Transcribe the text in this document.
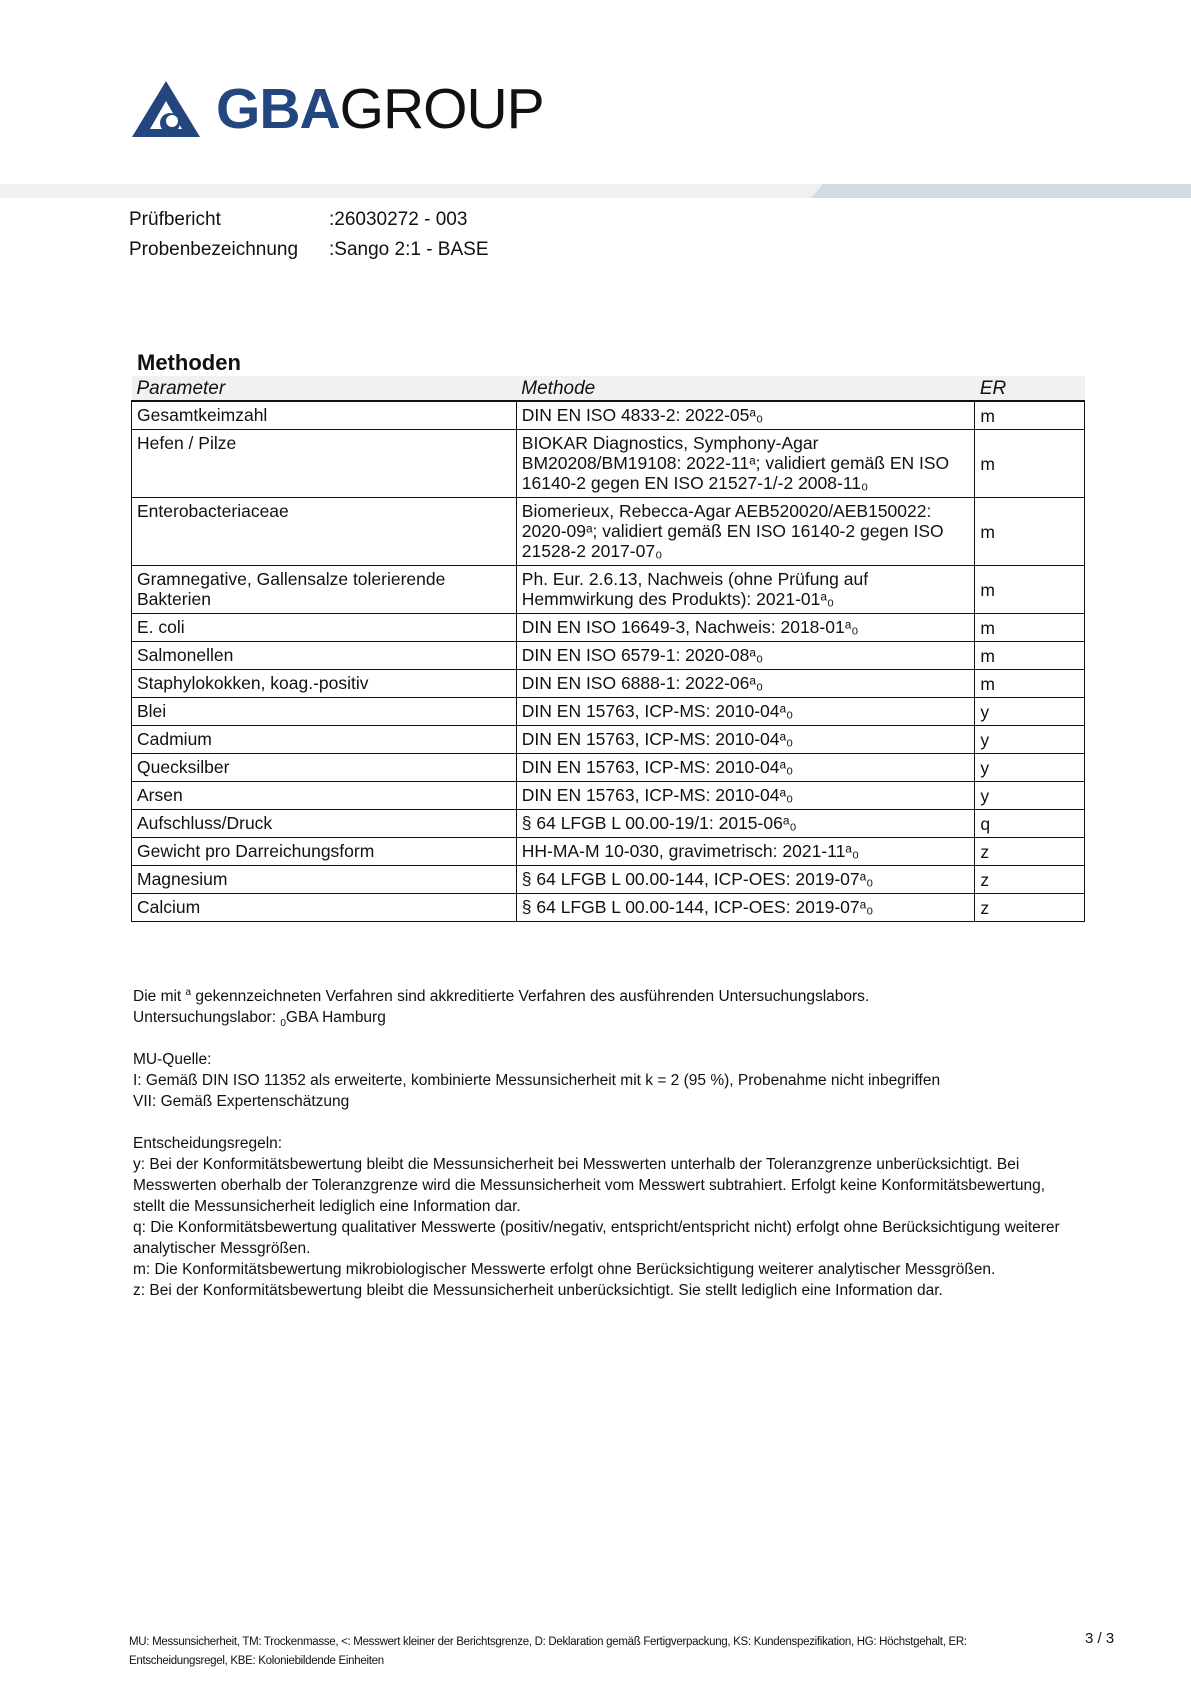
GBAGROUP
Prüfbericht	:26030272 - 003
Probenbezeichnung :Sango 2:1 - BASE
Methoden
Parameter	Methode	ER
Gesamtkeimzahl	DIN EN ISO 4833-2: 2022-05ᵃ₀	m
Hefen / Pilze	BIOKAR Diagnostics, Symphony-Agar BM20208/BM19108: 2022-11ᵃ; validiert gemäß EN ISO 16140-2 gegen EN ISO 21527-1/-2 2008-11₀	m
Enterobacteriaceae	Biomerieux, Rebecca-Agar AEB520020/AEB150022: 2020-09ᵃ; validiert gemäß EN ISO 16140-2 gegen ISO 21528-2 2017-07₀	m
Gramnegative, Gallensalze tolerierende Bakterien	Ph. Eur. 2.6.13, Nachweis (ohne Prüfung auf Hemmwirkung des Produkts): 2021-01ᵃ₀	m
E. coli	DIN EN ISO 16649-3, Nachweis: 2018-01ᵃ₀	m
Salmonellen	DIN EN ISO 6579-1: 2020-08ᵃ₀	m
Staphylokokken, koag.-positiv	DIN EN ISO 6888-1: 2022-06ᵃ₀	m
Blei	DIN EN 15763, ICP-MS: 2010-04ᵃ₀	y
Cadmium	DIN EN 15763, ICP-MS: 2010-04ᵃ₀	y
Quecksilber	DIN EN 15763, ICP-MS: 2010-04ᵃ₀	y
Arsen	DIN EN 15763, ICP-MS: 2010-04ᵃ₀	y
Aufschluss/Druck	§ 64 LFGB L 00.00-19/1: 2015-06ᵃ₀	q
Gewicht pro Darreichungsform	HH-MA-M 10-030, gravimetrisch: 2021-11ᵃ₀	z
Magnesium	§ 64 LFGB L 00.00-144, ICP-OES: 2019-07ᵃ₀	z
Calcium	§ 64 LFGB L 00.00-144, ICP-OES: 2019-07ᵃ₀	z

Die mit $^a$ gekennzeichneten Verfahren sind akkreditierte Verfahren des ausführenden Untersuchungslabors.

Untersuchungslabor: $_0$GBA Hamburg

MU-Quelle:

I: Gemäß DIN ISO 11352 als erweiterte, kombinierte Messunsicherheit mit k = 2 (95 %), Probenahme nicht inbegriffen

VII: Gemäß Expertenschätzung

Entscheidungsregeln:

y: Bei der Konformitätsbewertung bleibt die Messunsicherheit bei Messwerten unterhalb der Toleranzgrenze unberücksichtigt. Bei Messwerten oberhalb der Toleranzgrenze wird die Messunsicherheit vom Messwert subtrahiert. Erfolgt keine Konformitätsbewertung, stellt die Messunsicherheit lediglich eine Information dar.

q: Die Konformitätsbewertung qualitativer Messwerte (positiv/negativ, entspricht/entspricht nicht) erfolgt ohne Berücksichtigung weiterer analytischer Messgrößen.

m: Die Konformitätsbewertung mikrobiologischer Messwerte erfolgt ohne Berücksichtigung weiterer analytischer Messgrößen.

z: Bei der Konformitätsbewertung bleibt die Messunsicherheit unberücksichtigt. Sie stellt lediglich eine Information dar.

MU: Messunsicherheit, TM: Trockenmasse, <: Messwert kleiner der Berichtsgrenze, D: Deklaration gemäß Fertigverpackung, KS: Kundenspezifikation, HG: Höchstgehalt, ER: Entscheidungsregel, KBE: Koloniebildende Einheiten
3 / 3
